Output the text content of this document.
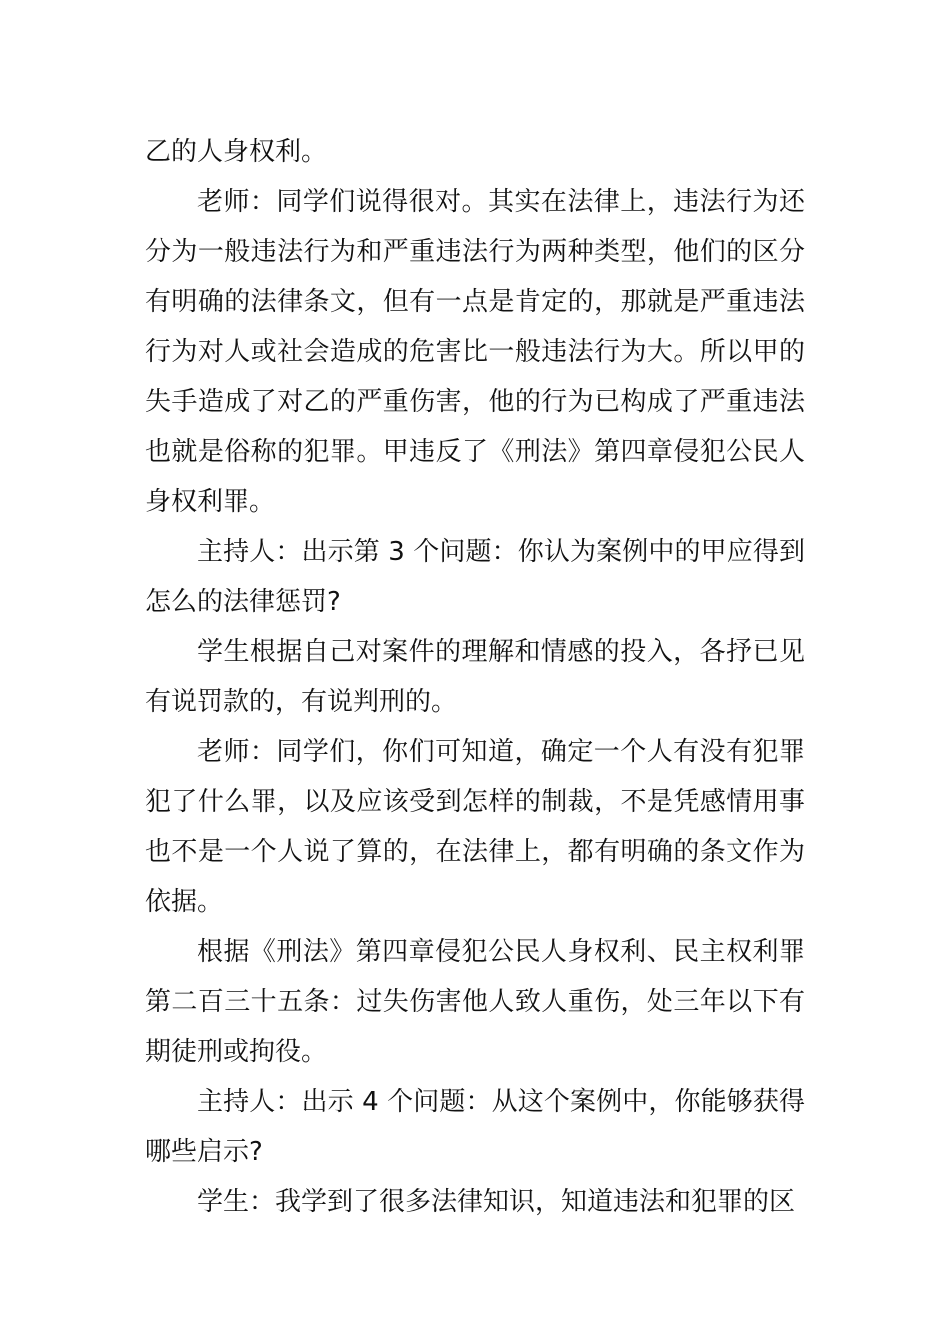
乙的人身权利。

老师：同学们说得很对。其实在法律上，违法行为还分为一般违法行为和严重违法行为两种类型，他们的区分有明确的法律条文，但有一点是肯定的，那就是严重违法行为对人或社会造成的危害比一般违法行为大。所以甲的失手造成了对乙的严重伤害，他的行为已构成了严重违法也就是俗称的犯罪。甲违反了《刑法》第四章侵犯公民人身权利罪。

主持人：出示第 3 个问题：你认为案例中的甲应得到怎么的法律惩罚?

学生根据自己对案件的理解和情感的投入，各抒已见有说罚款的，有说判刑的。

老师：同学们，你们可知道，确定一个人有没有犯罪犯了什么罪，以及应该受到怎样的制裁，不是凭感情用事也不是一个人说了算的，在法律上，都有明确的条文作为依据。

根据《刑法》第四章侵犯公民人身权利、民主权利罪第二百三十五条：过失伤害他人致人重伤，处三年以下有期徒刑或拘役。

主持人：出示 4 个问题：从这个案例中，你能够获得哪些启示?

学生：我学到了很多法律知识，知道违法和犯罪的区
